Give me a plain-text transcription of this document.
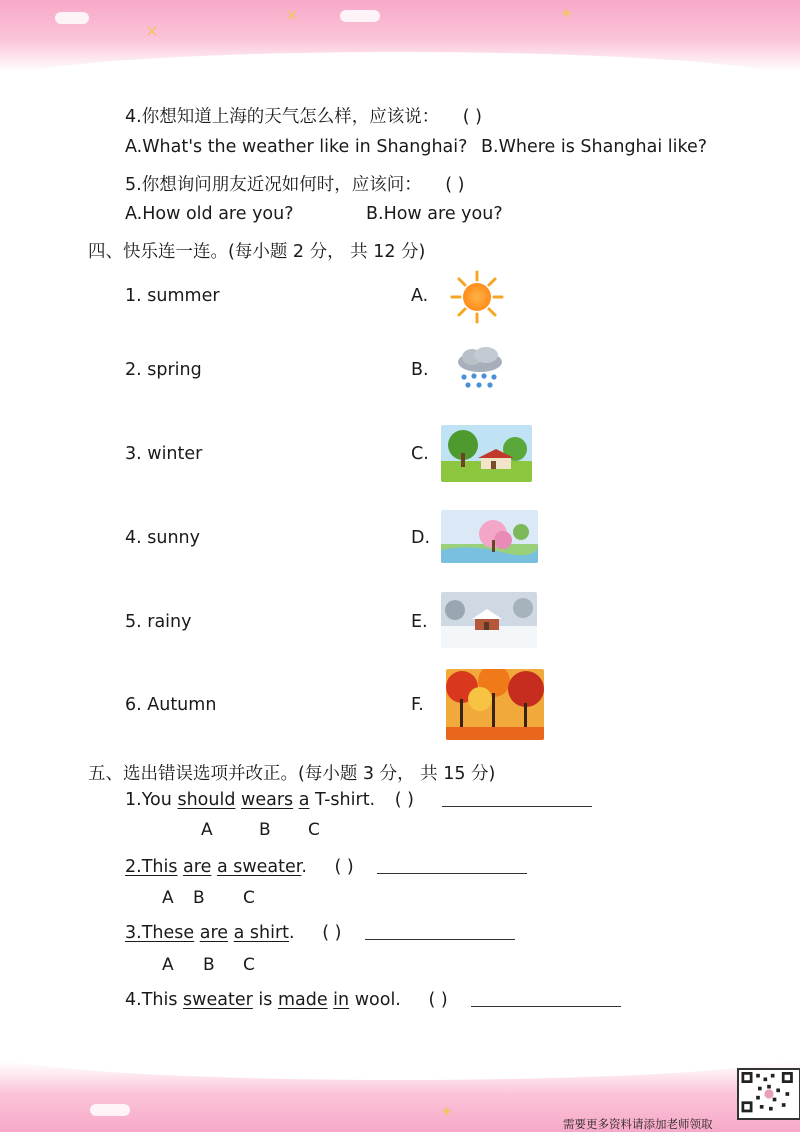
✕
✕	✦
✦
4.你想知道上海的天气怎么样，应该说： ( )
A.What's the weather like in Shanghai? B.Where is Shanghai like?
5.你想询问朋友近况如何时，应该问： ( )
A.How old are you?	B.How are you?
四、快乐连一连。(每小题 2 分， 共 12 分)
1. summer	A.
2. spring	B.
3. winter	C.
4. sunny	D.
5. rainy	E.
6. Autumn	F.
五、选出错误选项并改正。(每小题 3 分， 共 15 分)
1.You should wears a T-shirt. ( )
A	B C
2.This are a sweater. ( )
A B C
3.These are a shirt. ( )
A B C
4.This sweater is made in wool. ( )
需要更多资料请添加老师领取
